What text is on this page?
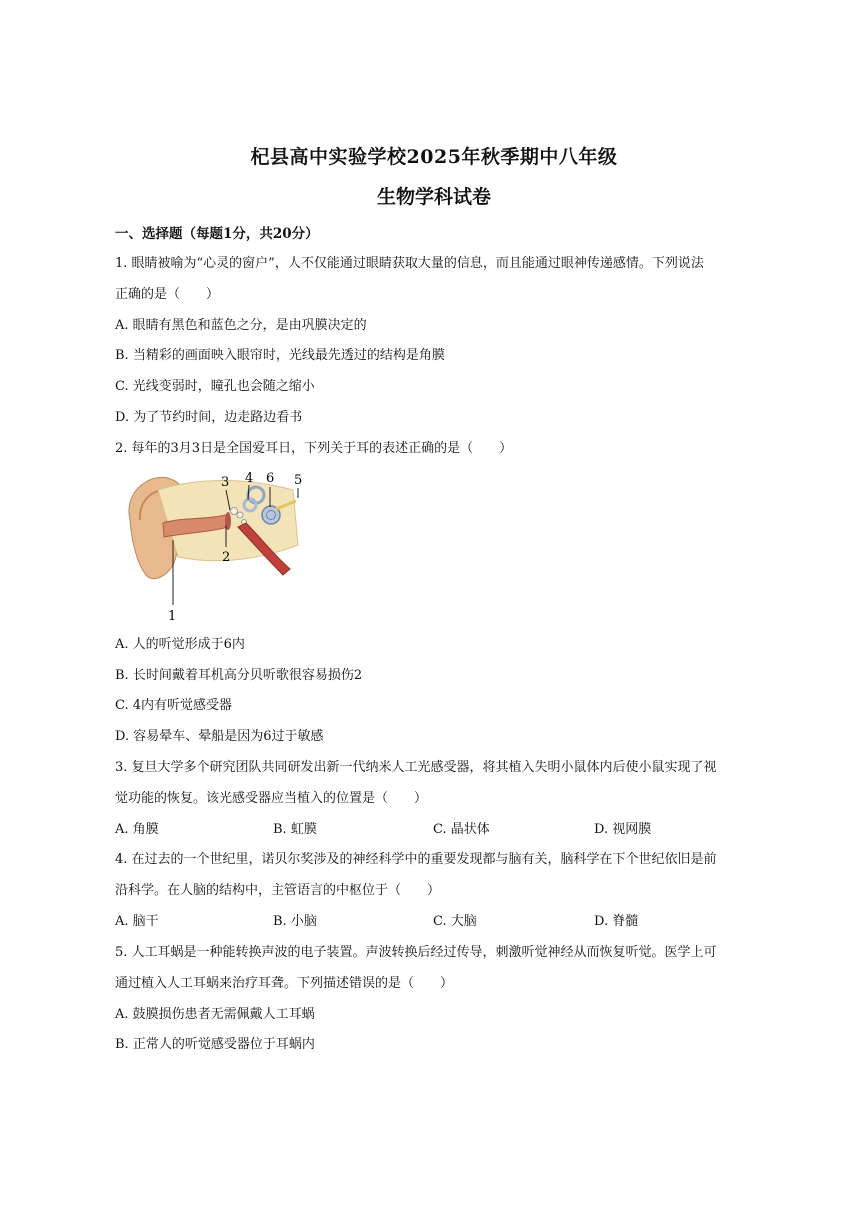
杞县高中实验学校2025年秋季期中八年级
生物学科试卷
一、选择题（每题1分，共20分）
1. 眼睛被喻为“心灵的窗户”，人不仅能通过眼睛获取大量的信息，而且能通过眼神传递感情。下列说法
正确的是（　　）
A. 眼睛有黑色和蓝色之分，是由巩膜决定的
B. 当精彩的画面映入眼帘时，光线最先透过的结构是角膜
C. 光线变弱时，瞳孔也会随之缩小
D. 为了节约时间，边走路边看书
2. 每年的3月3日是全国爱耳日，下列关于耳的表述正确的是（　　）
3 4 6 5
2
1
A. 人的听觉形成于6内
B. 长时间戴着耳机高分贝听歌很容易损伤2
C. 4内有听觉感受器
D. 容易晕车、晕船是因为6过于敏感
3. 复旦大学多个研究团队共同研发出新一代纳米人工光感受器，将其植入失明小鼠体内后使小鼠实现了视
觉功能的恢复。该光感受器应当植入的位置是（　　）
A. 角膜	B. 虹膜	C. 晶状体	D. 视网膜
4. 在过去的一个世纪里，诺贝尔奖涉及的神经科学中的重要发现都与脑有关，脑科学在下个世纪依旧是前
沿科学。在人脑的结构中，主管语言的中枢位于（　　）
A. 脑干	B. 小脑	C. 大脑	D. 脊髓
5. 人工耳蜗是一种能转换声波的电子装置。声波转换后经过传导，刺激听觉神经从而恢复听觉。医学上可
通过植入人工耳蜗来治疗耳聋。下列描述错误的是（　　）
A. 鼓膜损伤患者无需佩戴人工耳蜗
B. 正常人的听觉感受器位于耳蜗内
